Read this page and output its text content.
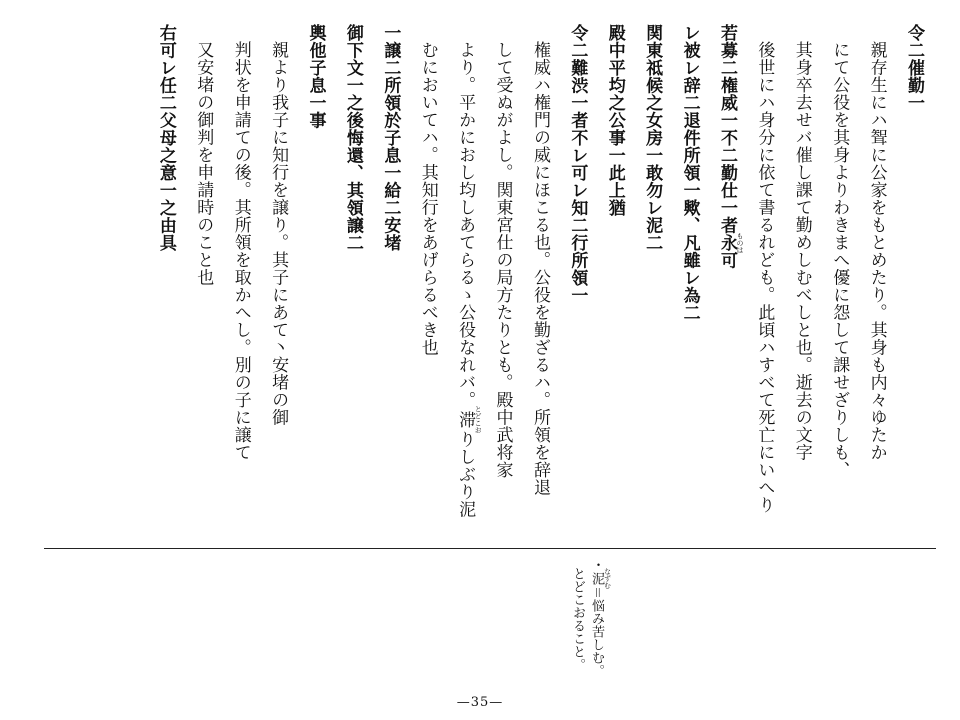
令二催勤一

親存生にハ聟に公家をもとめたり。其身も内々ゆたか

にて公役を其身よりわきまへ優に怨して課せざりしも、

其身卒去せバ催し課て勤めしむべしと也。逝去の文字

後世にハ身分に依て書るれども。此頃ハすべて死亡にいへり

若募二権威一不二勤仕一者永 ものは可

レ被レ辞二退件所領一歟、凡雖レ為二

関東祗候之女房一敢勿レ泥二

殿中平均之公事一此上猶

令二難渋一者不レ可レ知二行所領一

権威ハ権門の威にほこる也。公役を勤ざるハ。所領を辞退

して受ぬがよし。関東宮仕の局方たりとも。殿中武将家

より。平かにおし均しあてらるゝ公役なれバ。滞 とどこおりしぶり泥

むにおいてハ。其知行をあげらるべき也

一譲二所領於子息一給二安堵

御下文一之後悔還、其領譲二

輿他子息一事

親より我子に知行を譲り。其子にあて丶安堵の御

判状を申請ての後。其所領を取かへし。別の子に譲て

又安堵の御判を申請時のこと也

右可レ任二父母之意一之由具

・泥 なずむ＝悩み苦しむ。

とどこおること。

—35—
